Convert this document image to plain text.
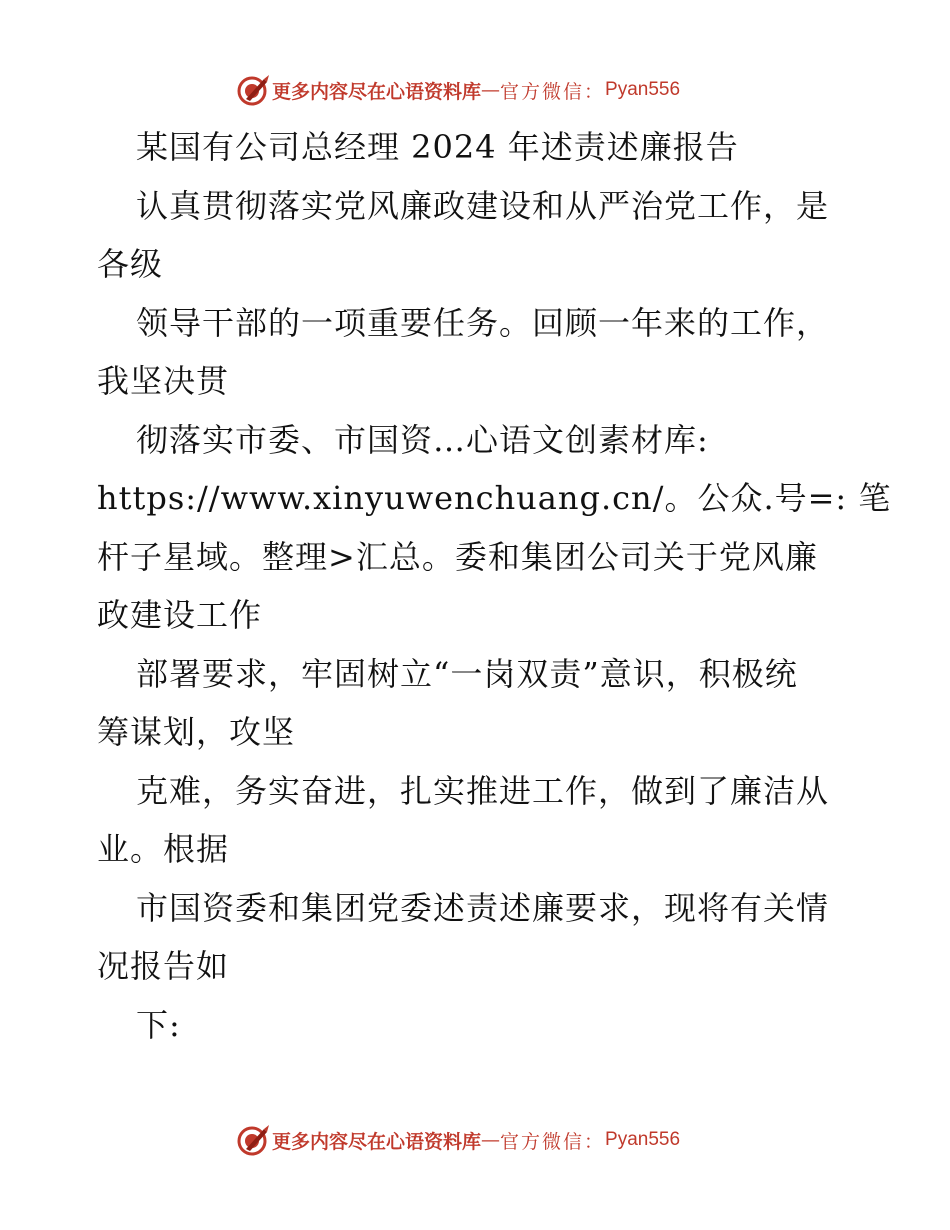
更多内容尽在心语资料库 — 官方微信： Pyan556
某国有公司总经理 2024 年述责述廉报告
认真贯彻落实党风廉政建设和从严治党工作，是
各级
领导干部的一项重要任务。回顾一年来的工作，
我坚决贯
彻落实市委、市国资…心语文创素材库:
https://www.xinyuwenchuang.cn/。公众.号=: 笔
杆子星域。整理>汇总。委和集团公司关于党风廉
政建设工作
部署要求，牢固树立“一岗双责”意识，积极统
筹谋划，攻坚
克难，务实奋进，扎实推进工作，做到了廉洁从
业。根据
市国资委和集团党委述责述廉要求，现将有关情
况报告如
下:
更多内容尽在心语资料库 — 官方微信： Pyan556
